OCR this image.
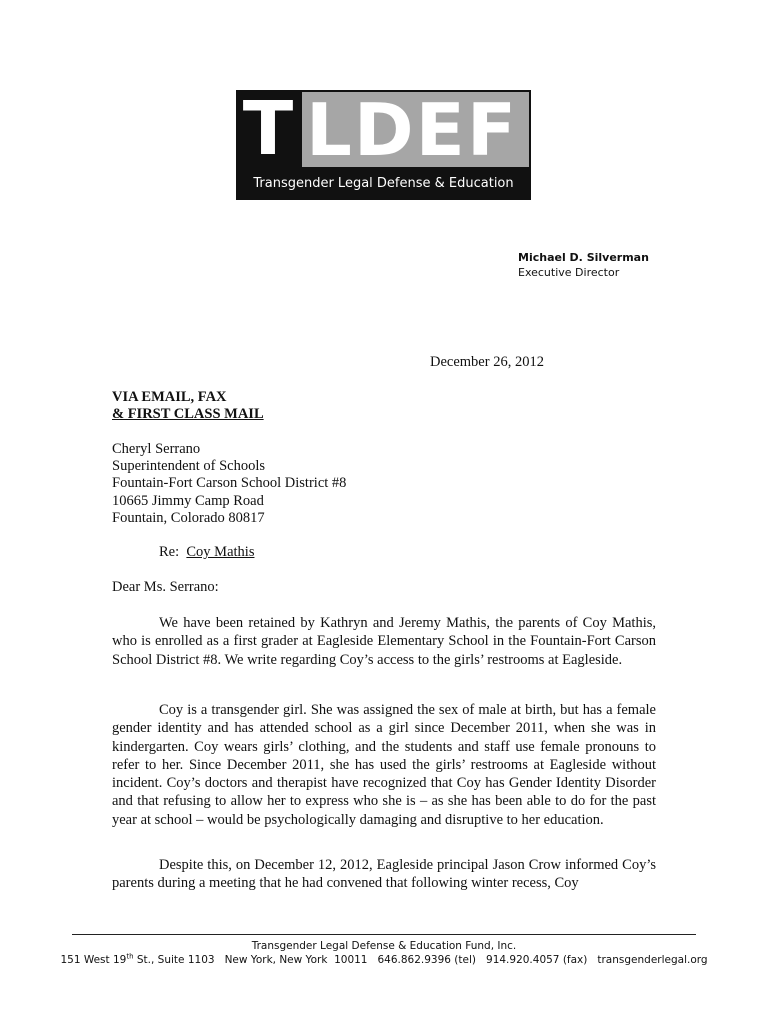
T LDEF
Transgender Legal Defense & Education Fund
Michael D. Silverman
Executive Director
December 26, 2012
VIA EMAIL, FAX
& FIRST CLASS MAIL
Cheryl Serrano
Superintendent of Schools
Fountain-Fort Carson School District #8
10665 Jimmy Camp Road
Fountain, Colorado 80817
Re: Coy Mathis
Dear Ms. Serrano:

We have been retained by Kathryn and Jeremy Mathis, the parents of Coy Mathis, who is enrolled as a first grader at Eagleside Elementary School in the Fountain-Fort Carson School District #8. We write regarding Coy’s access to the girls’ restrooms at Eagleside.

Coy is a transgender girl. She was assigned the sex of male at birth, but has a female gender identity and has attended school as a girl since December 2011, when she was in kindergarten. Coy wears girls’ clothing, and the students and staff use female pronouns to refer to her. Since December 2011, she has used the girls’ restrooms at Eagleside without incident. Coy’s doctors and therapist have recognized that Coy has Gender Identity Disorder and that refusing to allow her to express who she is – as she has been able to do for the past year at school – would be psychologically damaging and disruptive to her education.

Despite this, on December 12, 2012, Eagleside principal Jason Crow informed Coy’s parents during a meeting that he had convened that following winter recess, Coy

Transgender Legal Defense & Education Fund, Inc.
151 West 19th St., Suite 1103   New York, New York  10011   646.862.9396 (tel)   914.920.4057 (fax)   transgenderlegal.org
